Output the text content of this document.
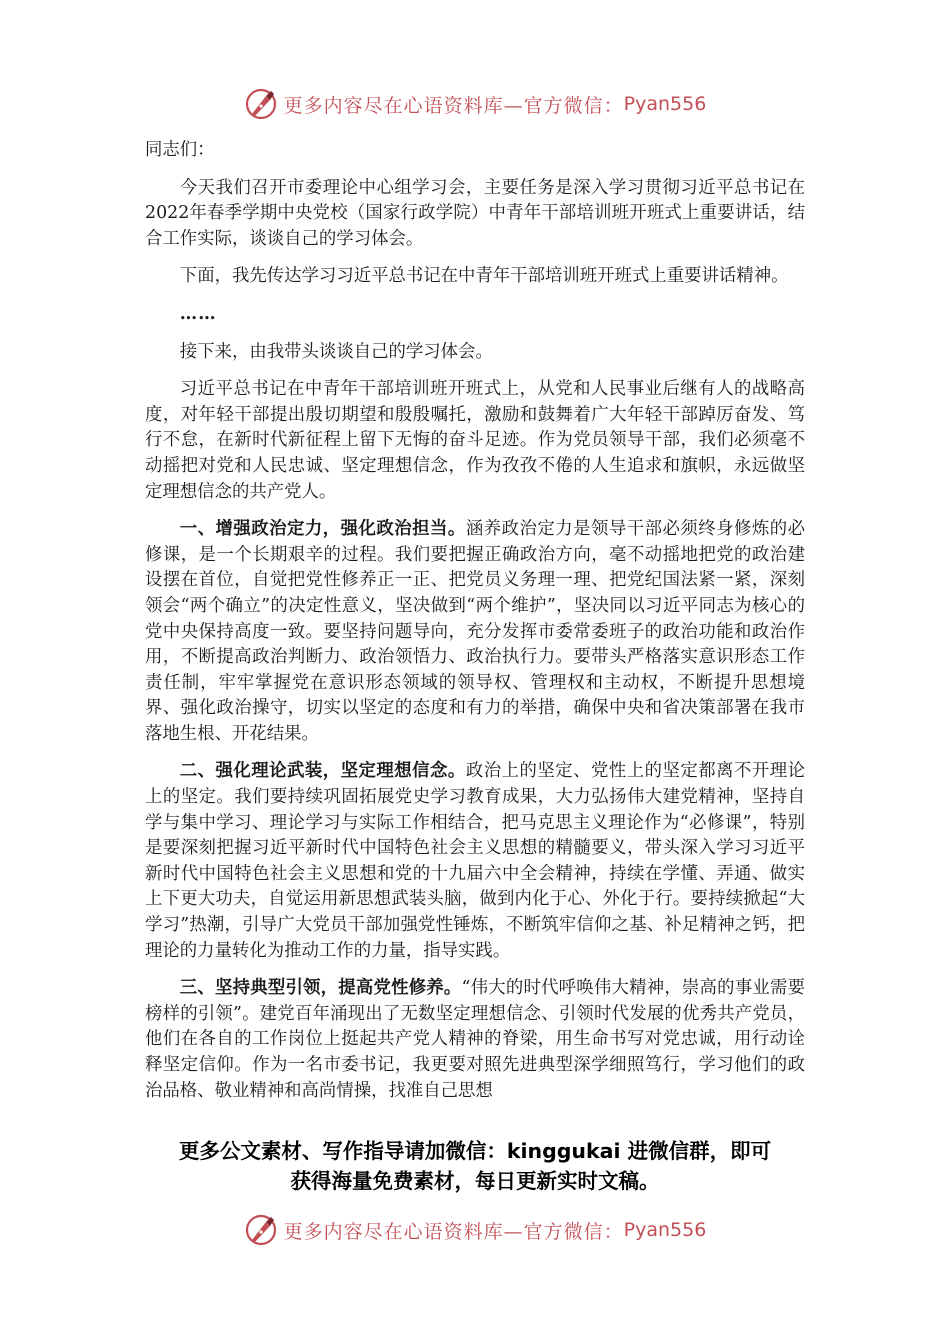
更多内容尽在心语资料库—官方微信： Pyan556

同志们：

今天我们召开市委理论中心组学习会，主要任务是深入学习贯彻习近平总书记在2022年春季学期中央党校（国家行政学院）中青年干部培训班开班式上重要讲话，结合工作实际，谈谈自己的学习体会。

下面，我先传达学习习近平总书记在中青年干部培训班开班式上重要讲话精神。

……

接下来，由我带头谈谈自己的学习体会。

习近平总书记在中青年干部培训班开班式上，从党和人民事业后继有人的战略高度，对年轻干部提出殷切期望和殷殷嘱托，激励和鼓舞着广大年轻干部踔厉奋发、笃行不怠，在新时代新征程上留下无悔的奋斗足迹。作为党员领导干部，我们必须毫不动摇把对党和人民忠诚、坚定理想信念，作为孜孜不倦的人生追求和旗帜，永远做坚定理想信念的共产党人。

一、增强政治定力，强化政治担当。涵养政治定力是领导干部必须终身修炼的必修课，是一个长期艰辛的过程。我们要把握正确政治方向，毫不动摇地把党的政治建设摆在首位，自觉把党性修养正一正、把党员义务理一理、把党纪国法紧一紧，深刻领会“两个确立”的决定性意义，坚决做到“两个维护”，坚决同以习近平同志为核心的党中央保持高度一致。要坚持问题导向，充分发挥市委常委班子的政治功能和政治作用，不断提高政治判断力、政治领悟力、政治执行力。要带头严格落实意识形态工作责任制，牢牢掌握党在意识形态领域的领导权、管理权和主动权，不断提升思想境界、强化政治操守，切实以坚定的态度和有力的举措，确保中央和省决策部署在我市落地生根、开花结果。

二、强化理论武装，坚定理想信念。政治上的坚定、党性上的坚定都离不开理论上的坚定。我们要持续巩固拓展党史学习教育成果，大力弘扬伟大建党精神，坚持自学与集中学习、理论学习与实际工作相结合，把马克思主义理论作为“必修课”，特别是要深刻把握习近平新时代中国特色社会主义思想的精髓要义，带头深入学习习近平新时代中国特色社会主义思想和党的十九届六中全会精神，持续在学懂、弄通、做实上下更大功夫，自觉运用新思想武装头脑，做到内化于心、外化于行。要持续掀起“大学习”热潮，引导广大党员干部加强党性锤炼，不断筑牢信仰之基、补足精神之钙，把理论的力量转化为推动工作的力量，指导实践。

三、坚持典型引领，提高党性修养。“伟大的时代呼唤伟大精神，崇高的事业需要榜样的引领”。建党百年涌现出了无数坚定理想信念、引领时代发展的优秀共产党员，他们在各自的工作岗位上挺起共产党人精神的脊梁，用生命书写对党忠诚，用行动诠释坚定信仰。作为一名市委书记，我更要对照先进典型深学细照笃行，学习他们的政治品格、敬业精神和高尚情操，找准自己思想

更多公文素材、写作指导请加微信：kinggukai 进微信群，即可
获得海量免费素材，每日更新实时文稿。
更多内容尽在心语资料库—官方微信： Pyan556
